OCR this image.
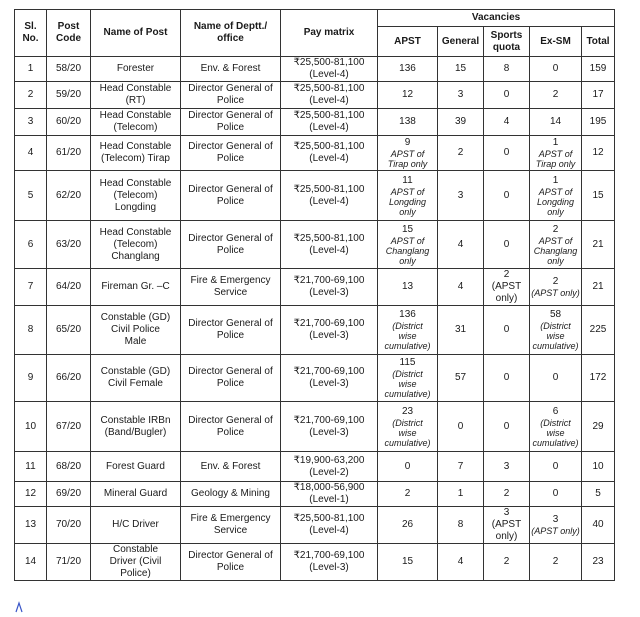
Sl. No.	Post Code	Name of Post	Name of Deptt./ office	Pay matrix	Vacancies				
					APST	General	Sports quota	Ex-SM	Total

1	58/20	Forester	Env. & Forest	₹25,500-81,100
(Level-4)	136	15	8	0	159

2	59/20	Head Constable
(RT)	Director General of
Police	₹25,500-81,100
(Level-4)	12	3	0	2	17

3	60/20	Head Constable
(Telecom)	Director General of
Police	₹25,500-81,100
(Level-4)	138	39	4	14	195

4	61/20	Head Constable
(Telecom) Tirap	Director General of
Police	₹25,500-81,100
(Level-4)	9
APST of
Tirap only	2	0	1
APST of
Tirap only	12

5	62/20	Head Constable
(Telecom)
Longding	Director General of
Police	₹25,500-81,100
(Level-4)	11
APST of
Longding
only	3	0	1
APST of
Longding
only	15

6	63/20	Head Constable
(Telecom)
Changlang	Director General of
Police	₹25,500-81,100
(Level-4)	15
APST of
Changlang
only	4	0	2
APST of
Changlang
only	21

7	64/20	Fireman Gr. –C	Fire & Emergency
Service	₹21,700-69,100
(Level-3)	13	4	2
(APST
only)	2
(APST only)	21

8	65/20	Constable (GD)
Civil Police
Male	Director General of
Police	₹21,700-69,100
(Level-3)	136
(District
wise
cumulative)	31	0	58
(District wise
cumulative)	225

9	66/20	Constable (GD)
Civil Female	Director General of
Police	₹21,700-69,100
(Level-3)	115
(District
wise
cumulative)	57	0	0	172

10	67/20	Constable IRBn
(Band/Bugler)	Director General of
Police	₹21,700-69,100
(Level-3)	23
(District
wise
cumulative)	0	0	6
(District wise
cumulative)	29

11	68/20	Forest Guard	Env. & Forest	₹19,900-63,200
(Level-2)	0	7	3	0	10

12	69/20	Mineral Guard	Geology & Mining	₹18,000-56,900
(Level-1)	2	1	2	0	5

13	70/20	H/C Driver	Fire & Emergency
Service	₹25,500-81,100
(Level-4)	26	8	3
(APST
only)	3
(APST only)	40

14	71/20	Constable
Driver (Civil
Police)	Director General of
Police	₹21,700-69,100
(Level-3)	15	4	2	2	23
